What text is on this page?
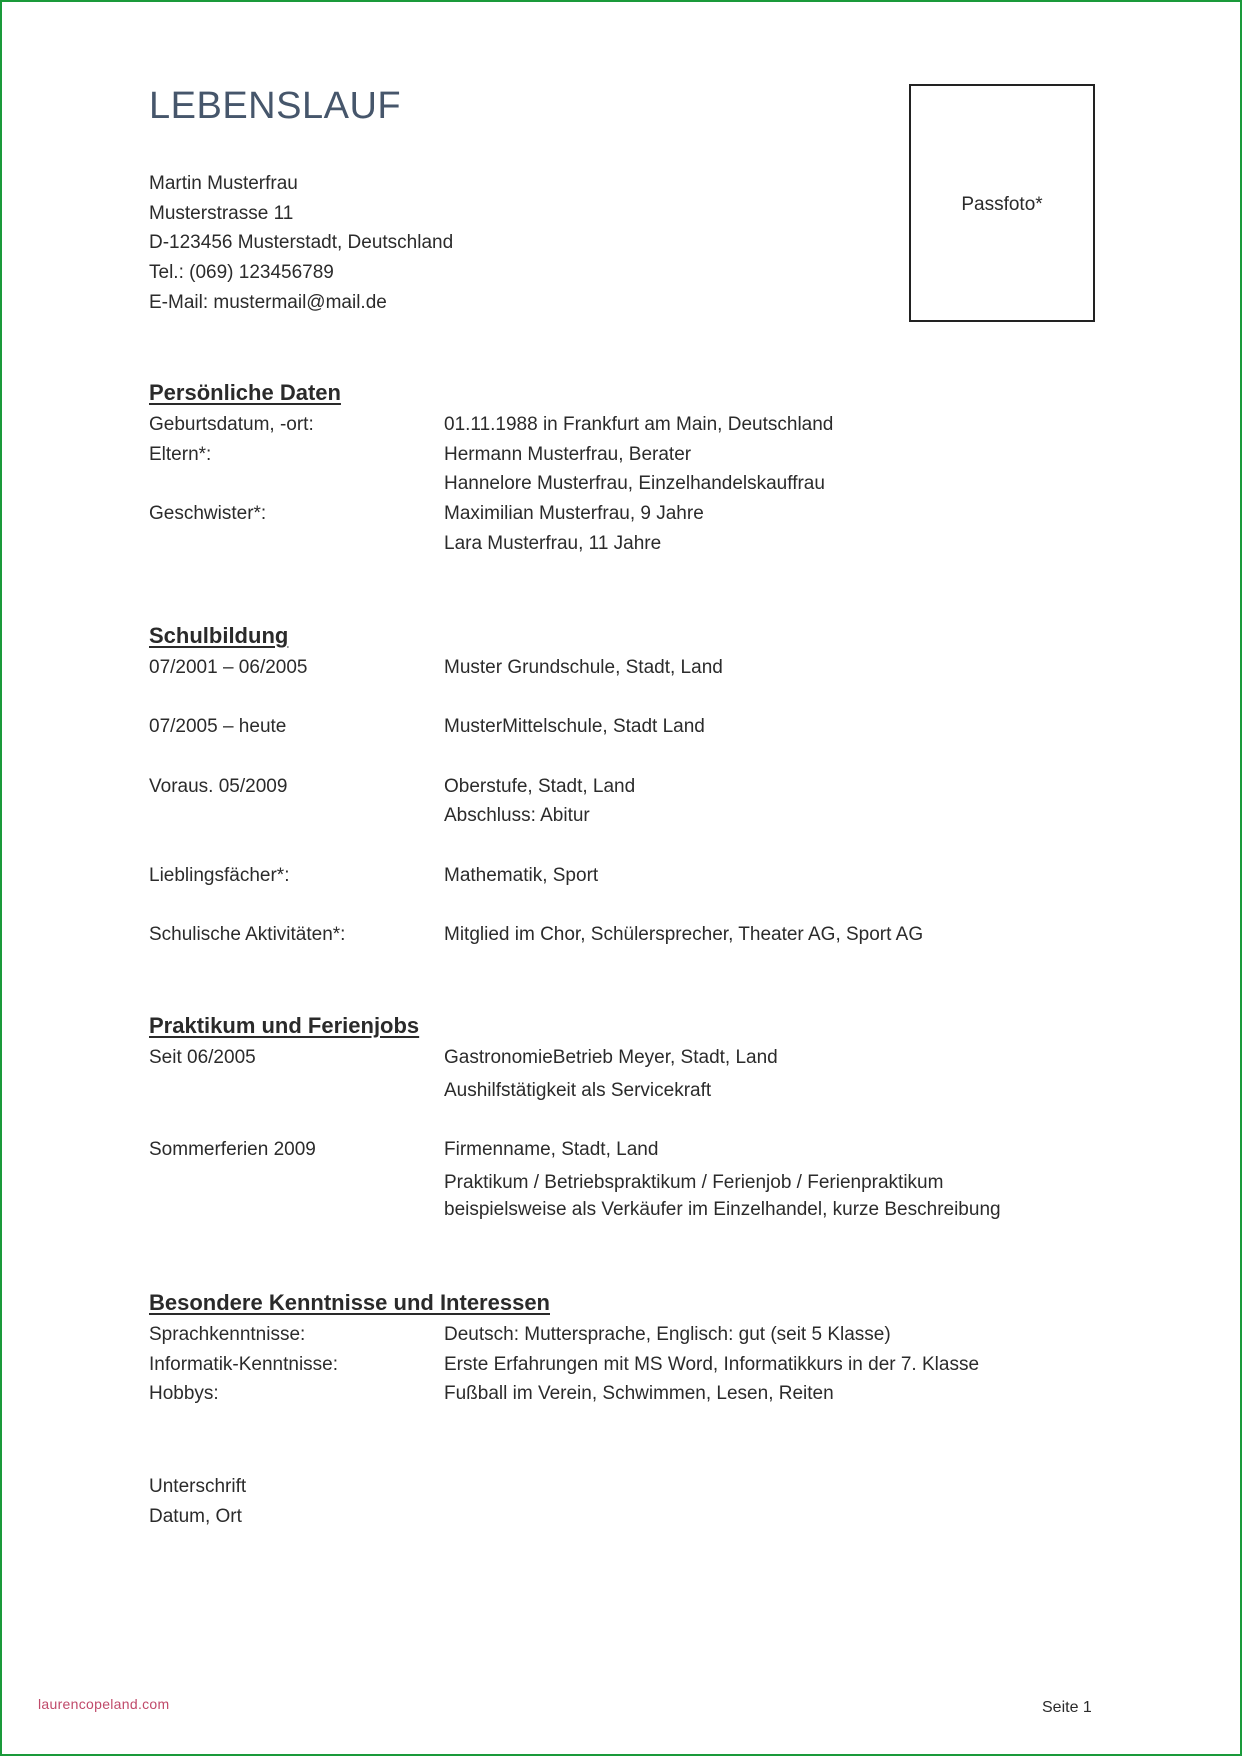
LEBENSLAUF
Martin Musterfrau
Musterstrasse 11
D-123456 Musterstadt, Deutschland
Tel.: (069) 123456789
E-Mail: mustermail@mail.de
Passfoto*
Persönliche Daten
Geburtsdatum, -ort:	01.11.1988 in Frankfurt am Main, Deutschland
Eltern*:	Hermann Musterfrau, Berater
Hannelore Musterfrau, Einzelhandelskauffrau
Geschwister*:	Maximilian Musterfrau, 9 Jahre
Lara Musterfrau, 11 Jahre
Schulbildung
07/2001 – 06/2005	Muster Grundschule, Stadt, Land
07/2005 – heute	MusterMittelschule, Stadt Land
Voraus. 05/2009	Oberstufe, Stadt, Land
Abschluss: Abitur
Lieblingsfächer*:	Mathematik, Sport
Schulische Aktivitäten*:	Mitglied im Chor, Schülersprecher, Theater AG, Sport AG
Praktikum und Ferienjobs
Seit 06/2005	GastronomieBetrieb Meyer, Stadt, Land
Aushilfstätigkeit als Servicekraft
Sommerferien 2009	Firmenname, Stadt, Land
Praktikum / Betriebspraktikum / Ferienjob / Ferienpraktikum
beispielsweise als Verkäufer im Einzelhandel, kurze Beschreibung
Besondere Kenntnisse und Interessen
Sprachkenntnisse:	Deutsch: Muttersprache, Englisch: gut (seit 5 Klasse)
Informatik-Kenntnisse:	Erste Erfahrungen mit MS Word, Informatikkurs in der 7. Klasse
Hobbys:	Fußball im Verein, Schwimmen, Lesen, Reiten
Unterschrift
Datum, Ort
laurencopeland.com	Seite 1
